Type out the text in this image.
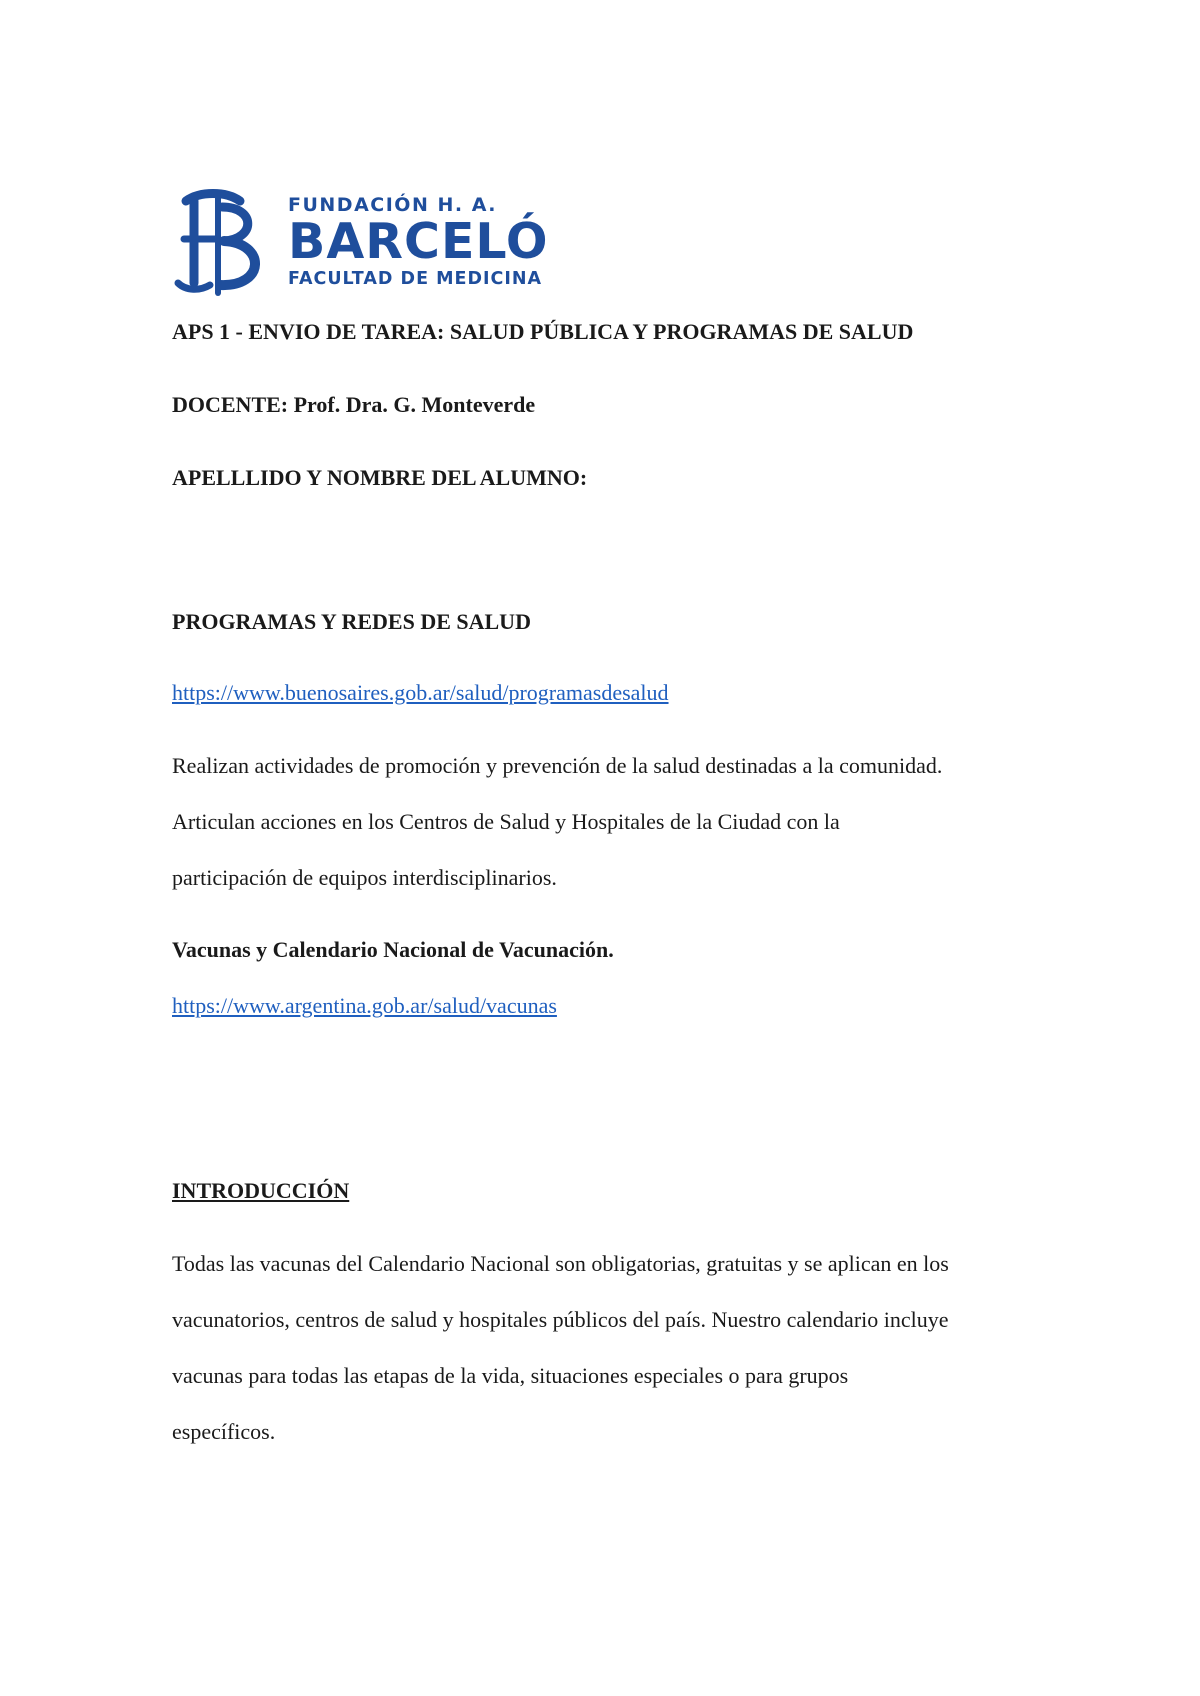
FUNDACIÓN H. A.
BARCELÓ
FACULTAD DE MEDICINA
APS 1 - ENVIO DE TAREA: SALUD PÚBLICA Y PROGRAMAS DE SALUD
DOCENTE: Prof. Dra. G. Monteverde
APELLLIDO Y NOMBRE DEL ALUMNO:
PROGRAMAS Y REDES DE SALUD
https://www.buenosaires.gob.ar/salud/programasdesalud
Realizan actividades de promoción y prevención de la salud destinadas a la comunidad.
Articulan acciones en los Centros de Salud y Hospitales de la Ciudad con la
participación de equipos interdisciplinarios.
Vacunas y Calendario Nacional de Vacunación.
https://www.argentina.gob.ar/salud/vacunas
INTRODUCCIÓN
Todas las vacunas del Calendario Nacional son obligatorias, gratuitas y se aplican en los
vacunatorios, centros de salud y hospitales públicos del país. Nuestro calendario incluye
vacunas para todas las etapas de la vida, situaciones especiales o para grupos
específicos.
